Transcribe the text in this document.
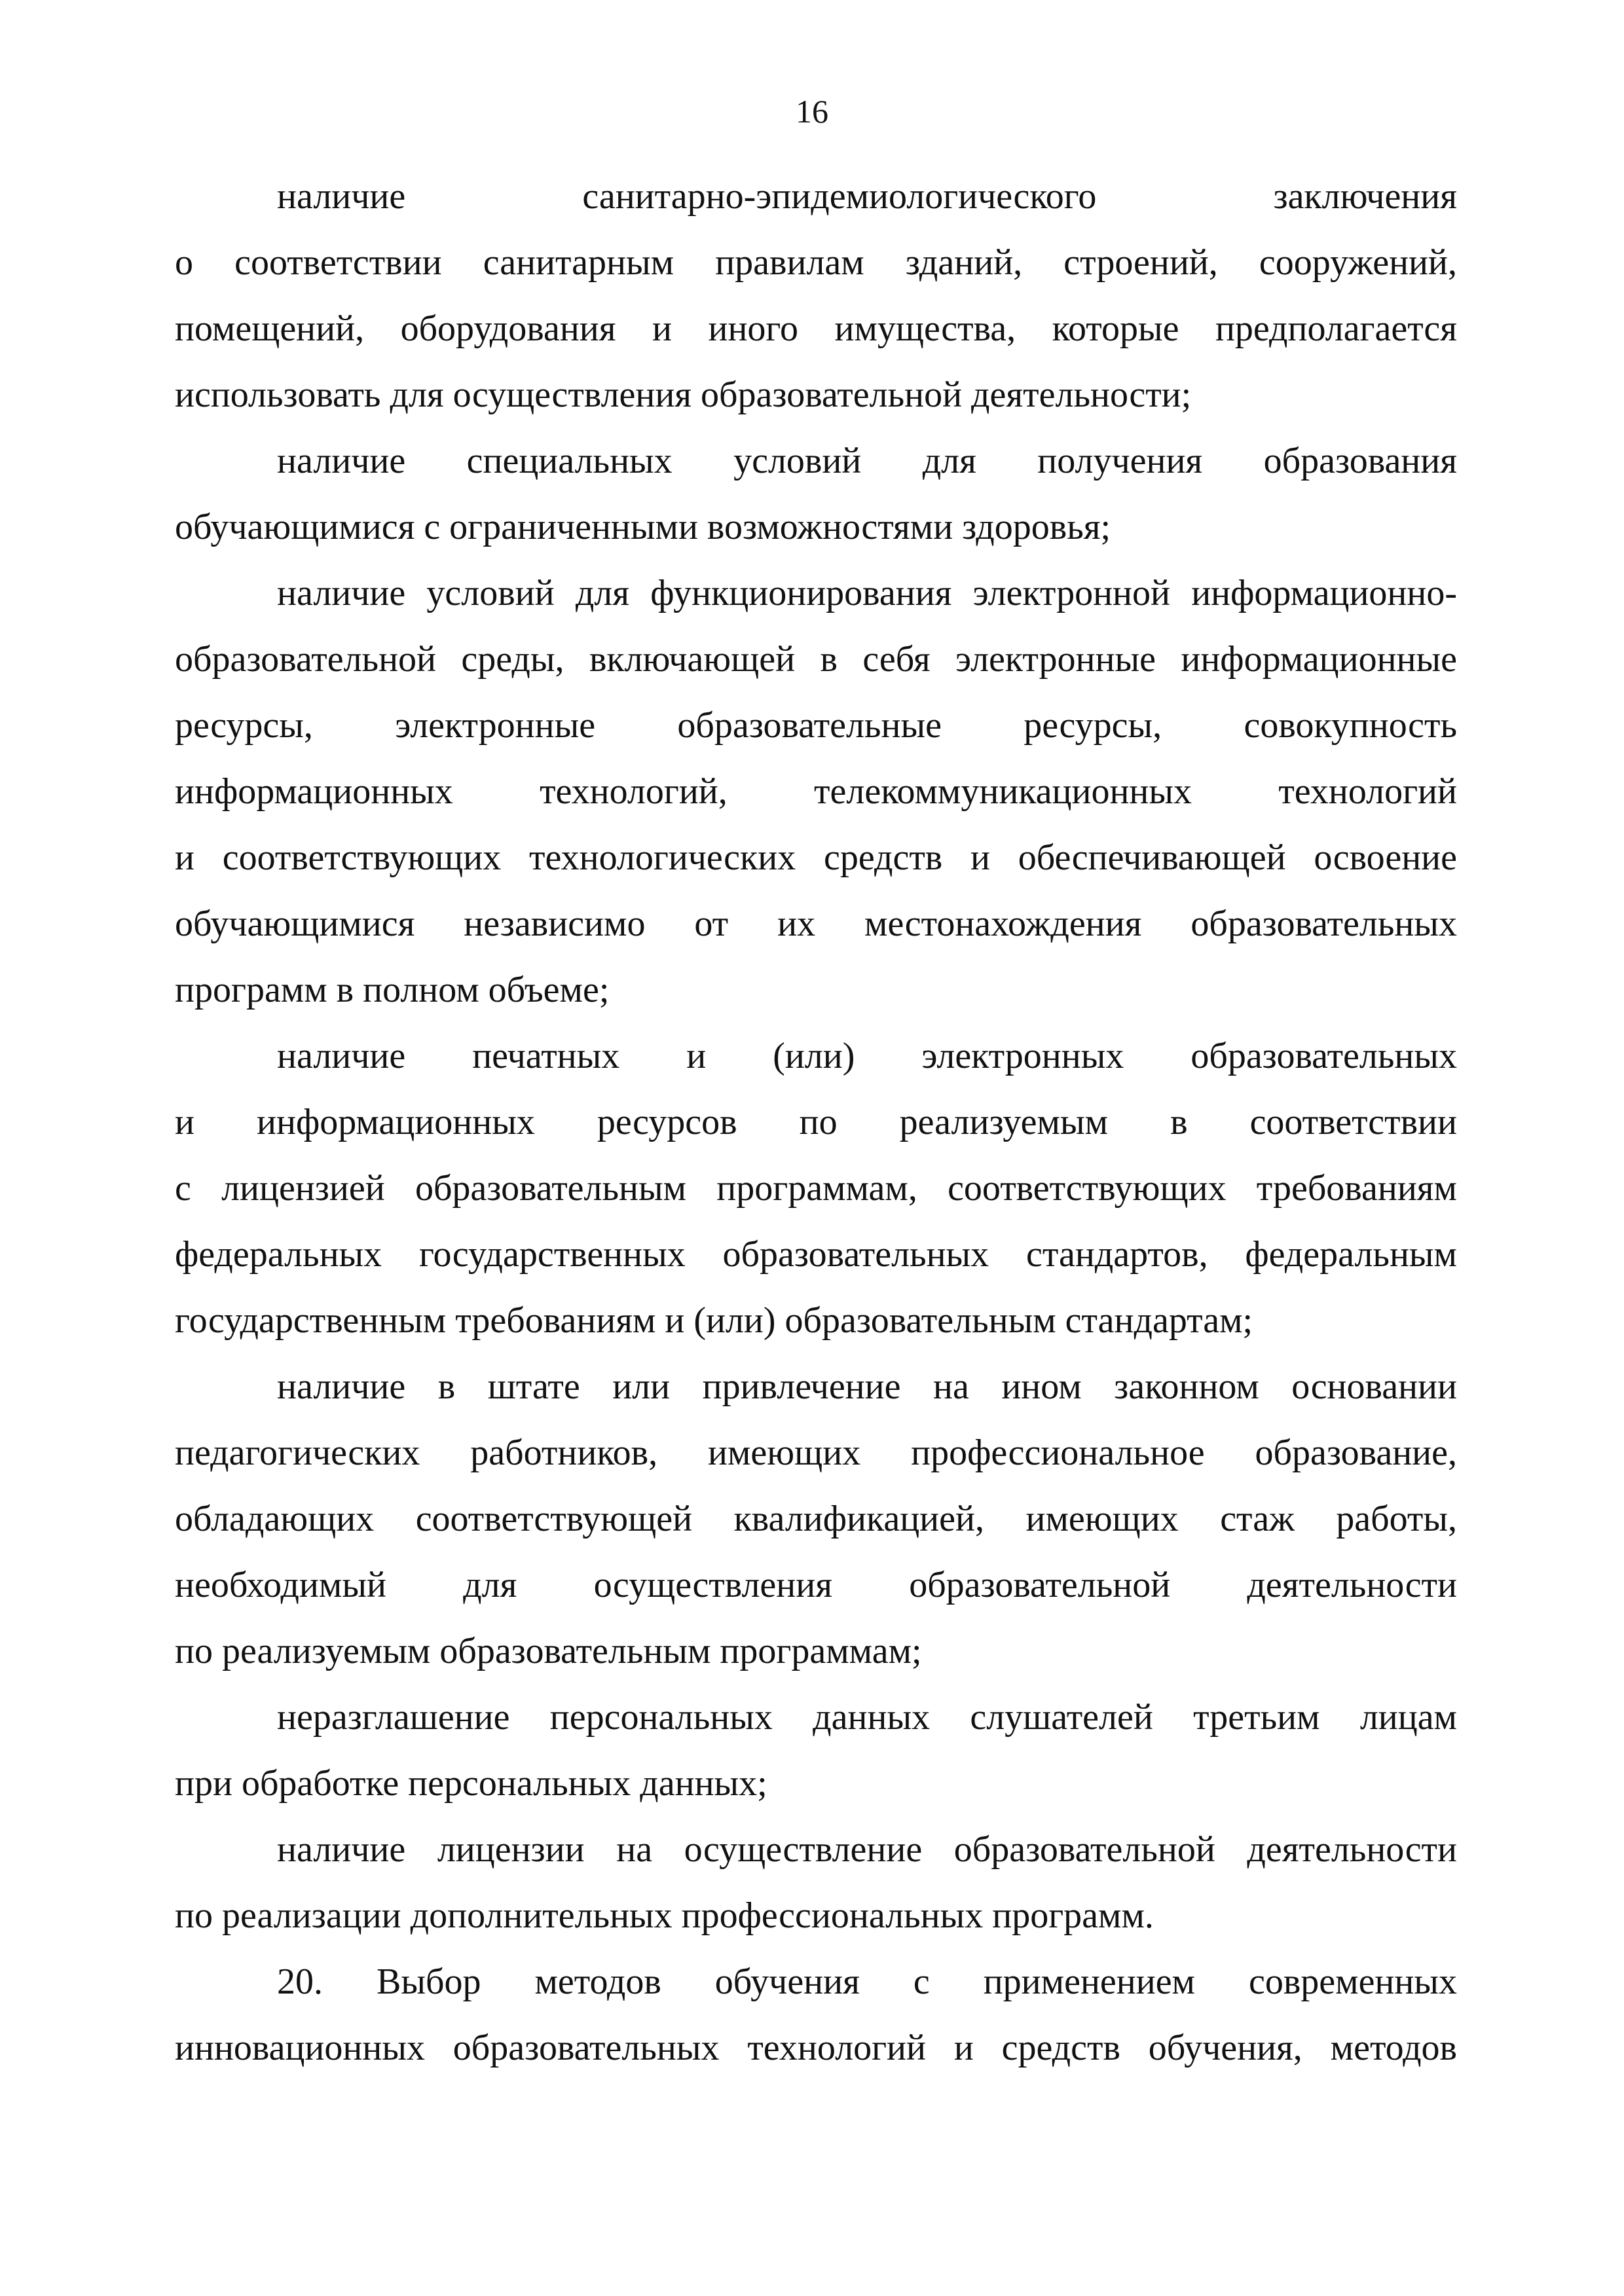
16
наличие санитарно-эпидемиологического заключения
о соответствии санитарным правилам зданий, строений, сооружений,
помещений, оборудования и иного имущества, которые предполагается
использовать для осуществления образовательной деятельности;
наличие специальных условий для получения образования
обучающимися с ограниченными возможностями здоровья;
наличие условий для функционирования электронной информационно-
образовательной среды, включающей в себя электронные информационные
ресурсы, электронные образовательные ресурсы, совокупность
информационных технологий, телекоммуникационных технологий
и соответствующих технологических средств и обеспечивающей освоение
обучающимися независимо от их местонахождения образовательных
программ в полном объеме;
наличие печатных и (или) электронных образовательных
и информационных ресурсов по реализуемым в соответствии
с лицензией образовательным программам, соответствующих требованиям
федеральных государственных образовательных стандартов, федеральным
государственным требованиям и (или) образовательным стандартам;
наличие в штате или привлечение на ином законном основании
педагогических работников, имеющих профессиональное образование,
обладающих соответствующей квалификацией, имеющих стаж работы,
необходимый для осуществления образовательной деятельности
по реализуемым образовательным программам;
неразглашение персональных данных слушателей третьим лицам
при обработке персональных данных;
наличие лицензии на осуществление образовательной деятельности
по реализации дополнительных профессиональных программ.
20. Выбор методов обучения с применением современных
инновационных образовательных технологий и средств обучения, методов
